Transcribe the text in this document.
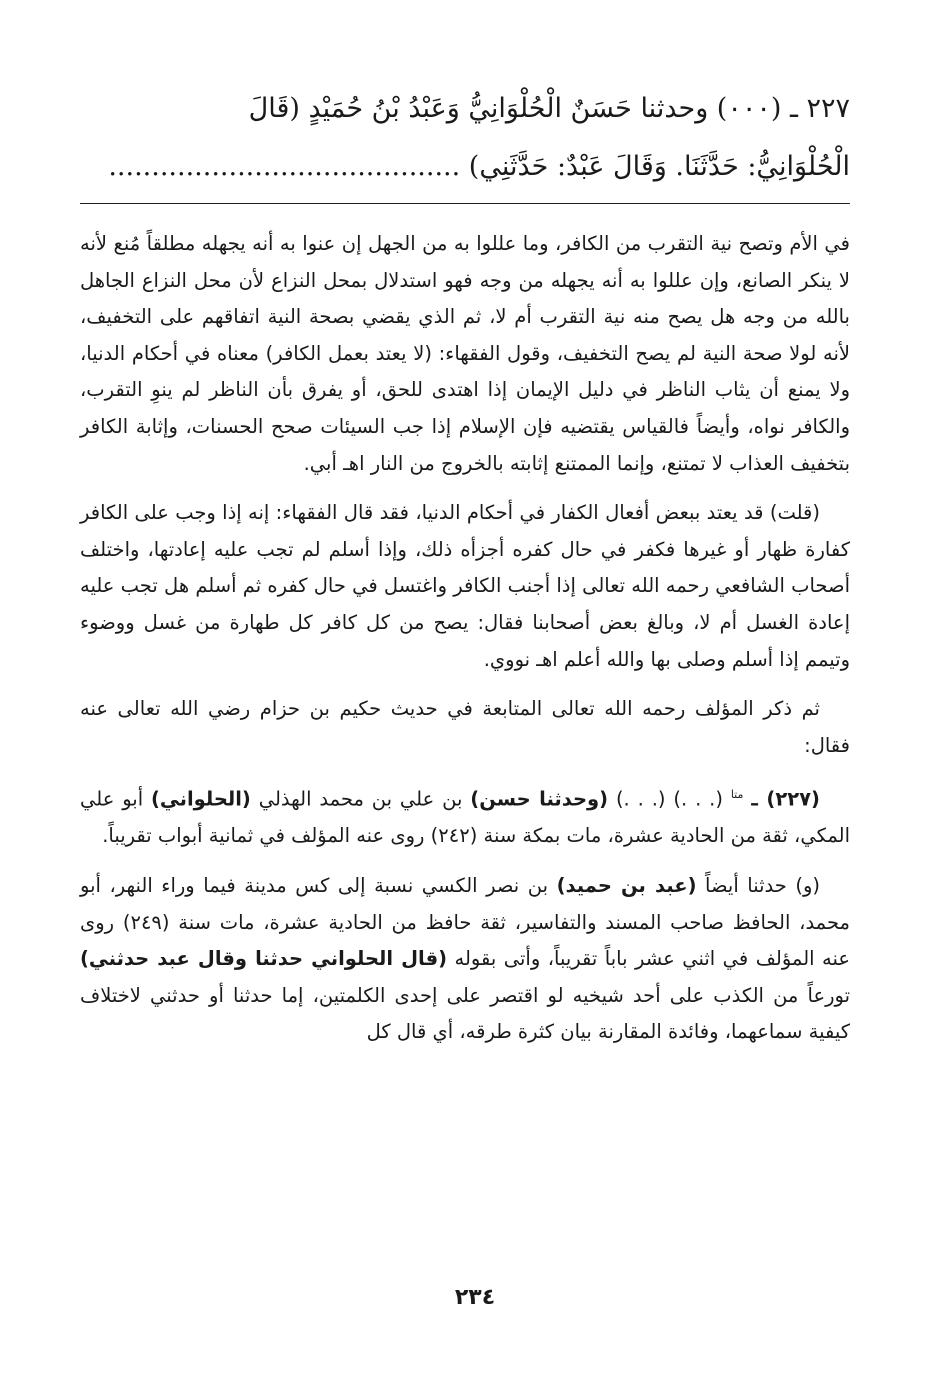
٢٢٧ ـ (٠٠٠) وحدثنا حَسَنٌ الْحُلْوَانِيُّ وَعَبْدُ بْنُ حُمَيْدٍ (قَالَ
الْحُلْوَانِيُّ: حَدَّثَنَا. وَقَالَ عَبْدٌ: حَدَّثَنِي) .........................................

في الأم وتصح نية التقرب من الكافر، وما عللوا به من الجهل إن عنوا به أنه يجهله مطلقاً مُنع لأنه لا ينكر الصانع، وإن عللوا به أنه يجهله من وجه فهو استدلال بمحل النزاع لأن محل النزاع الجاهل بالله من وجه هل يصح منه نية التقرب أم لا، ثم الذي يقضي بصحة النية اتفاقهم على التخفيف، لأنه لولا صحة النية لم يصح التخفيف، وقول الفقهاء: (لا يعتد بعمل الكافر) معناه في أحكام الدنيا، ولا يمنع أن يثاب الناظر في دليل الإيمان إذا اهتدى للحق، أو يفرق بأن الناظر لم ينوِ التقرب، والكافر نواه، وأيضاً فالقياس يقتضيه فإن الإسلام إذا جب السيئات صحح الحسنات، وإثابة الكافر بتخفيف العذاب لا تمتنع، وإنما الممتنع إثابته بالخروج من النار اهـ أبي.

(قلت) قد يعتد ببعض أفعال الكفار في أحكام الدنيا، فقد قال الفقهاء: إنه إذا وجب على الكافر كفارة ظهار أو غيرها فكفر في حال كفره أجزأه ذلك، وإذا أسلم لم تجب عليه إعادتها، واختلف أصحاب الشافعي رحمه الله تعالى إذا أجنب الكافر واغتسل في حال كفره ثم أسلم هل تجب عليه إعادة الغسل أم لا، وبالغ بعض أصحابنا فقال: يصح من كل كافر كل طهارة من غسل ووضوء وتيمم إذا أسلم وصلى بها والله أعلم اهـ نووي.

ثم ذكر المؤلف رحمه الله تعالى المتابعة في حديث حكيم بن حزام رضي الله تعالى عنه فقال:

(٢٢٧) ـ $^{متا}$ (. . .) (. . .) (وحدثنا حسن) بن علي بن محمد الهذلي (الحلواني) أبو علي المكي، ثقة من الحادية عشرة، مات بمكة سنة (٢٤٢) روى عنه المؤلف في ثمانية أبواب تقريباً.

(و) حدثنا أيضاً (عبد بن حميد) بن نصر الكسي نسبة إلى كس مدينة فيما وراء النهر، أبو محمد، الحافظ صاحب المسند والتفاسير، ثقة حافظ من الحادية عشرة، مات سنة (٢٤٩) روى عنه المؤلف في اثني عشر باباً تقريباً، وأتى بقوله (قال الحلواني حدثنا وقال عبد حدثني) تورعاً من الكذب على أحد شيخيه لو اقتصر على إحدى الكلمتين، إما حدثنا أو حدثني لاختلاف كيفية سماعهما، وفائدة المقارنة بيان كثرة طرقه، أي قال كل

٢٣٤
